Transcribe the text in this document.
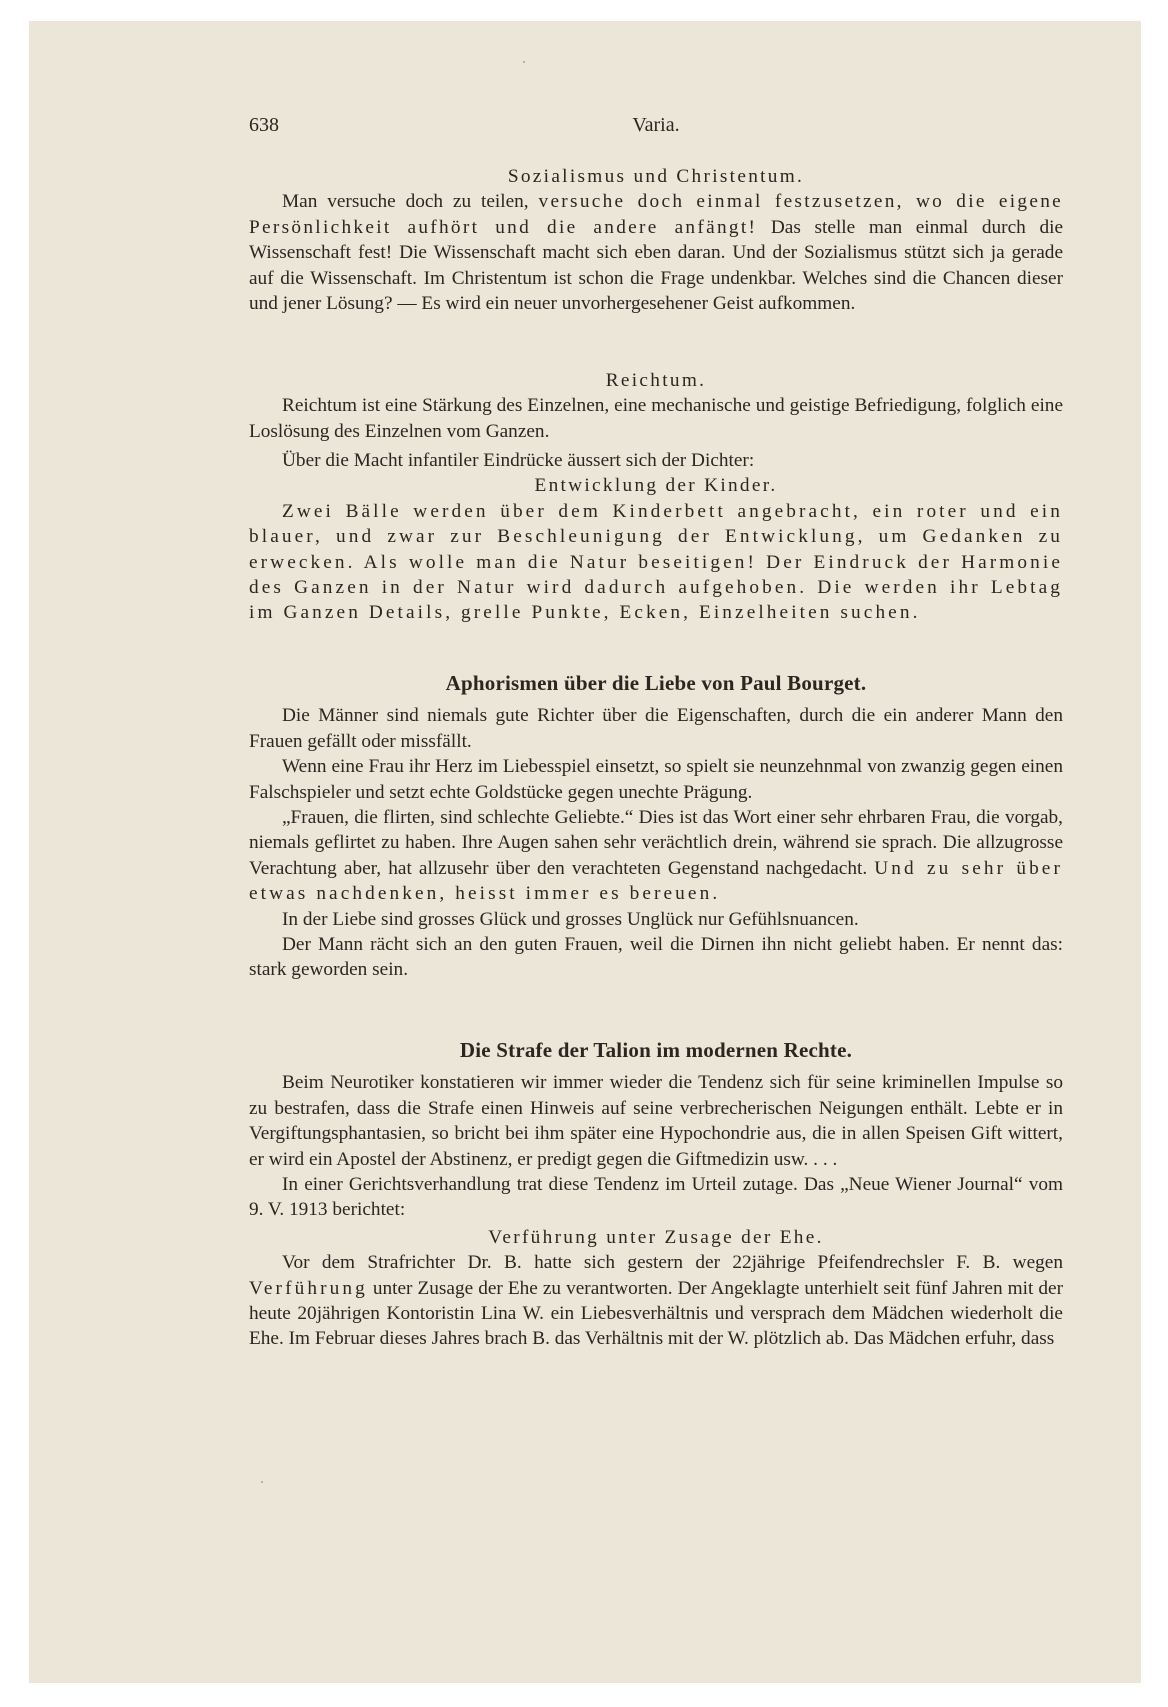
638	Varia.
Sozialismus und Christentum.

Man versuche doch zu teilen, versuche doch einmal festzusetzen, wo die eigene Persönlichkeit aufhört und die andere anfängt! Das stelle man einmal durch die Wissenschaft fest! Die Wissenschaft macht sich eben daran. Und der Sozialismus stützt sich ja gerade auf die Wissenschaft. Im Christentum ist schon die Frage undenkbar. Welches sind die Chancen dieser und jener Lösung? — Es wird ein neuer unvorhergesehener Geist aufkommen.

Reichtum.

Reichtum ist eine Stärkung des Einzelnen, eine mechanische und geistige Befriedigung, folglich eine Loslösung des Einzelnen vom Ganzen.

Über die Macht infantiler Eindrücke äussert sich der Dichter:

Entwicklung der Kinder.

Zwei Bälle werden über dem Kinderbett angebracht, ein roter und ein blauer, und zwar zur Beschleunigung der Entwicklung, um Gedanken zu erwecken. Als wolle man die Natur beseitigen! Der Eindruck der Harmonie des Ganzen in der Natur wird dadurch aufgehoben. Die werden ihr Lebtag im Ganzen Details, grelle Punkte, Ecken, Einzelheiten suchen.

Aphorismen über die Liebe von Paul Bourget.

Die Männer sind niemals gute Richter über die Eigenschaften, durch die ein anderer Mann den Frauen gefällt oder missfällt.

Wenn eine Frau ihr Herz im Liebesspiel einsetzt, so spielt sie neunzehnmal von zwanzig gegen einen Falschspieler und setzt echte Goldstücke gegen unechte Prägung.

„Frauen, die flirten, sind schlechte Geliebte.“ Dies ist das Wort einer sehr ehrbaren Frau, die vorgab, niemals geflirtet zu haben. Ihre Augen sahen sehr verächtlich drein, während sie sprach. Die allzugrosse Verachtung aber, hat allzusehr über den verachteten Gegenstand nachgedacht. Und zu sehr über etwas nachdenken, heisst immer es bereuen.

In der Liebe sind grosses Glück und grosses Unglück nur Gefühlsnuancen.

Der Mann rächt sich an den guten Frauen, weil die Dirnen ihn nicht geliebt haben. Er nennt das: stark geworden sein.

Die Strafe der Talion im modernen Rechte.

Beim Neurotiker konstatieren wir immer wieder die Tendenz sich für seine kriminellen Impulse so zu bestrafen, dass die Strafe einen Hinweis auf seine verbrecherischen Neigungen enthält. Lebte er in Vergiftungsphantasien, so bricht bei ihm später eine Hypochondrie aus, die in allen Speisen Gift wittert, er wird ein Apostel der Abstinenz, er predigt gegen die Giftmedizin usw. . . .

In einer Gerichtsverhandlung trat diese Tendenz im Urteil zutage. Das „Neue Wiener Journal“ vom 9. V. 1913 berichtet:

Verführung unter Zusage der Ehe.

Vor dem Strafrichter Dr. B. hatte sich gestern der 22jährige Pfeifendrechsler F. B. wegen Verführung unter Zusage der Ehe zu verantworten. Der Angeklagte unterhielt seit fünf Jahren mit der heute 20jährigen Kontoristin Lina W. ein Liebesverhältnis und versprach dem Mädchen wiederholt die Ehe. Im Februar dieses Jahres brach B. das Verhältnis mit der W. plötzlich ab. Das Mädchen erfuhr, dass
